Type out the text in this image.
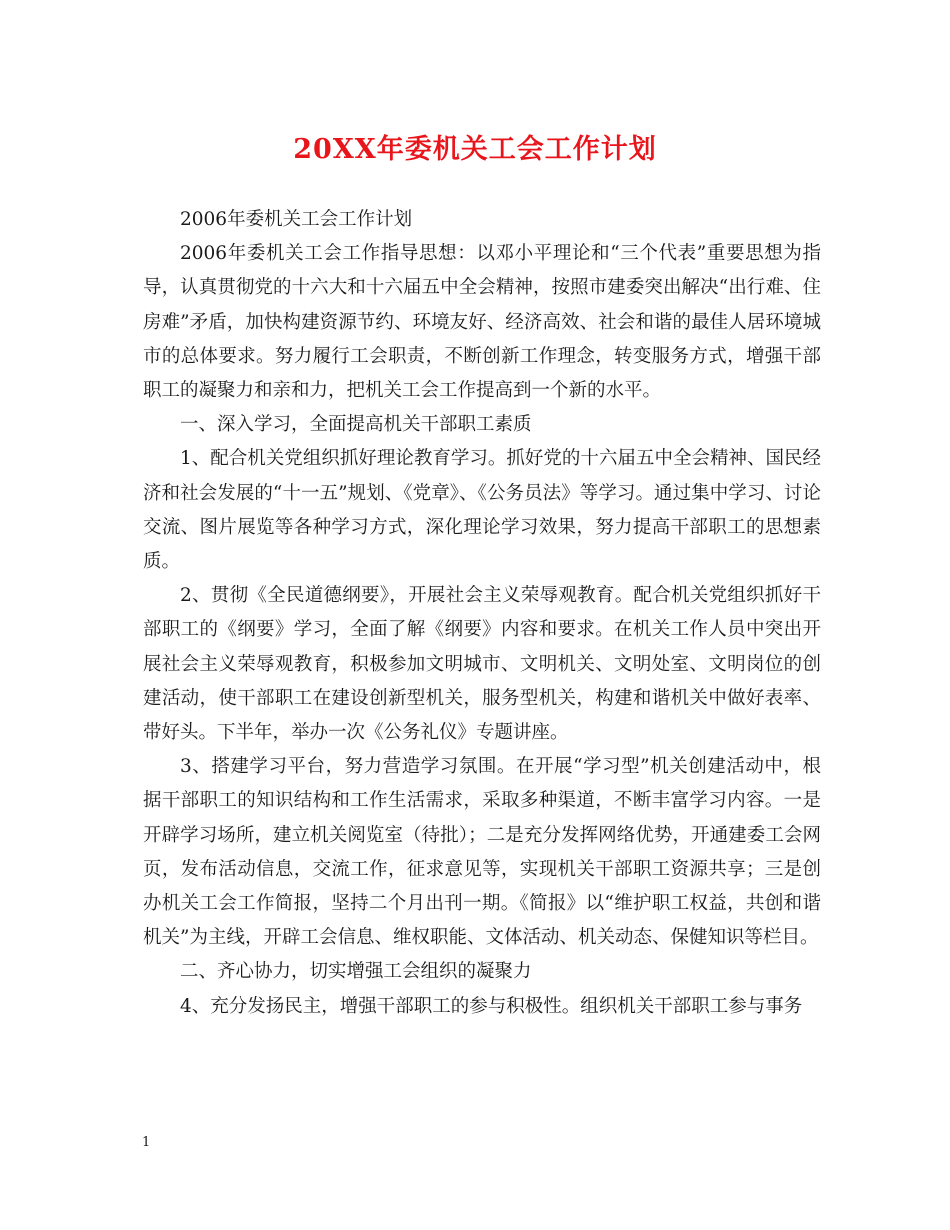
20XX年委机关工会工作计划

2006年委机关工会工作计划

2006年委机关工会工作指导思想：以邓小平理论和“三个代表”重要思想为指导，认真贯彻党的十六大和十六届五中全会精神，按照市建委突出解决“出行难、住房难”矛盾，加快构建资源节约、环境友好、经济高效、社会和谐的最佳人居环境城市的总体要求。努力履行工会职责，不断创新工作理念，转变服务方式，增强干部职工的凝聚力和亲和力，把机关工会工作提高到一个新的水平。

一、深入学习，全面提高机关干部职工素质

1、配合机关党组织抓好理论教育学习。抓好党的十六届五中全会精神、国民经济和社会发展的“十一五”规划、《党章》、《公务员法》等学习。通过集中学习、讨论交流、图片展览等各种学习方式，深化理论学习效果，努力提高干部职工的思想素质。

2、贯彻《全民道德纲要》，开展社会主义荣辱观教育。配合机关党组织抓好干部职工的《纲要》学习，全面了解《纲要》内容和要求。在机关工作人员中突出开展社会主义荣辱观教育，积极参加文明城市、文明机关、文明处室、文明岗位的创建活动，使干部职工在建设创新型机关，服务型机关，构建和谐机关中做好表率、带好头。下半年，举办一次《公务礼仪》专题讲座。

3、搭建学习平台，努力营造学习氛围。在开展“学习型”机关创建活动中，根据干部职工的知识结构和工作生活需求，采取多种渠道，不断丰富学习内容。一是开辟学习场所，建立机关阅览室（待批）；二是充分发挥网络优势，开通建委工会网页，发布活动信息，交流工作，征求意见等，实现机关干部职工资源共享；三是创办机关工会工作简报，坚持二个月出刊一期。《简报》以“维护职工权益，共创和谐机关”为主线，开辟工会信息、维权职能、文体活动、机关动态、保健知识等栏目。

二、齐心协力，切实增强工会组织的凝聚力

4、充分发扬民主，增强干部职工的参与积极性。组织机关干部职工参与事务

1
